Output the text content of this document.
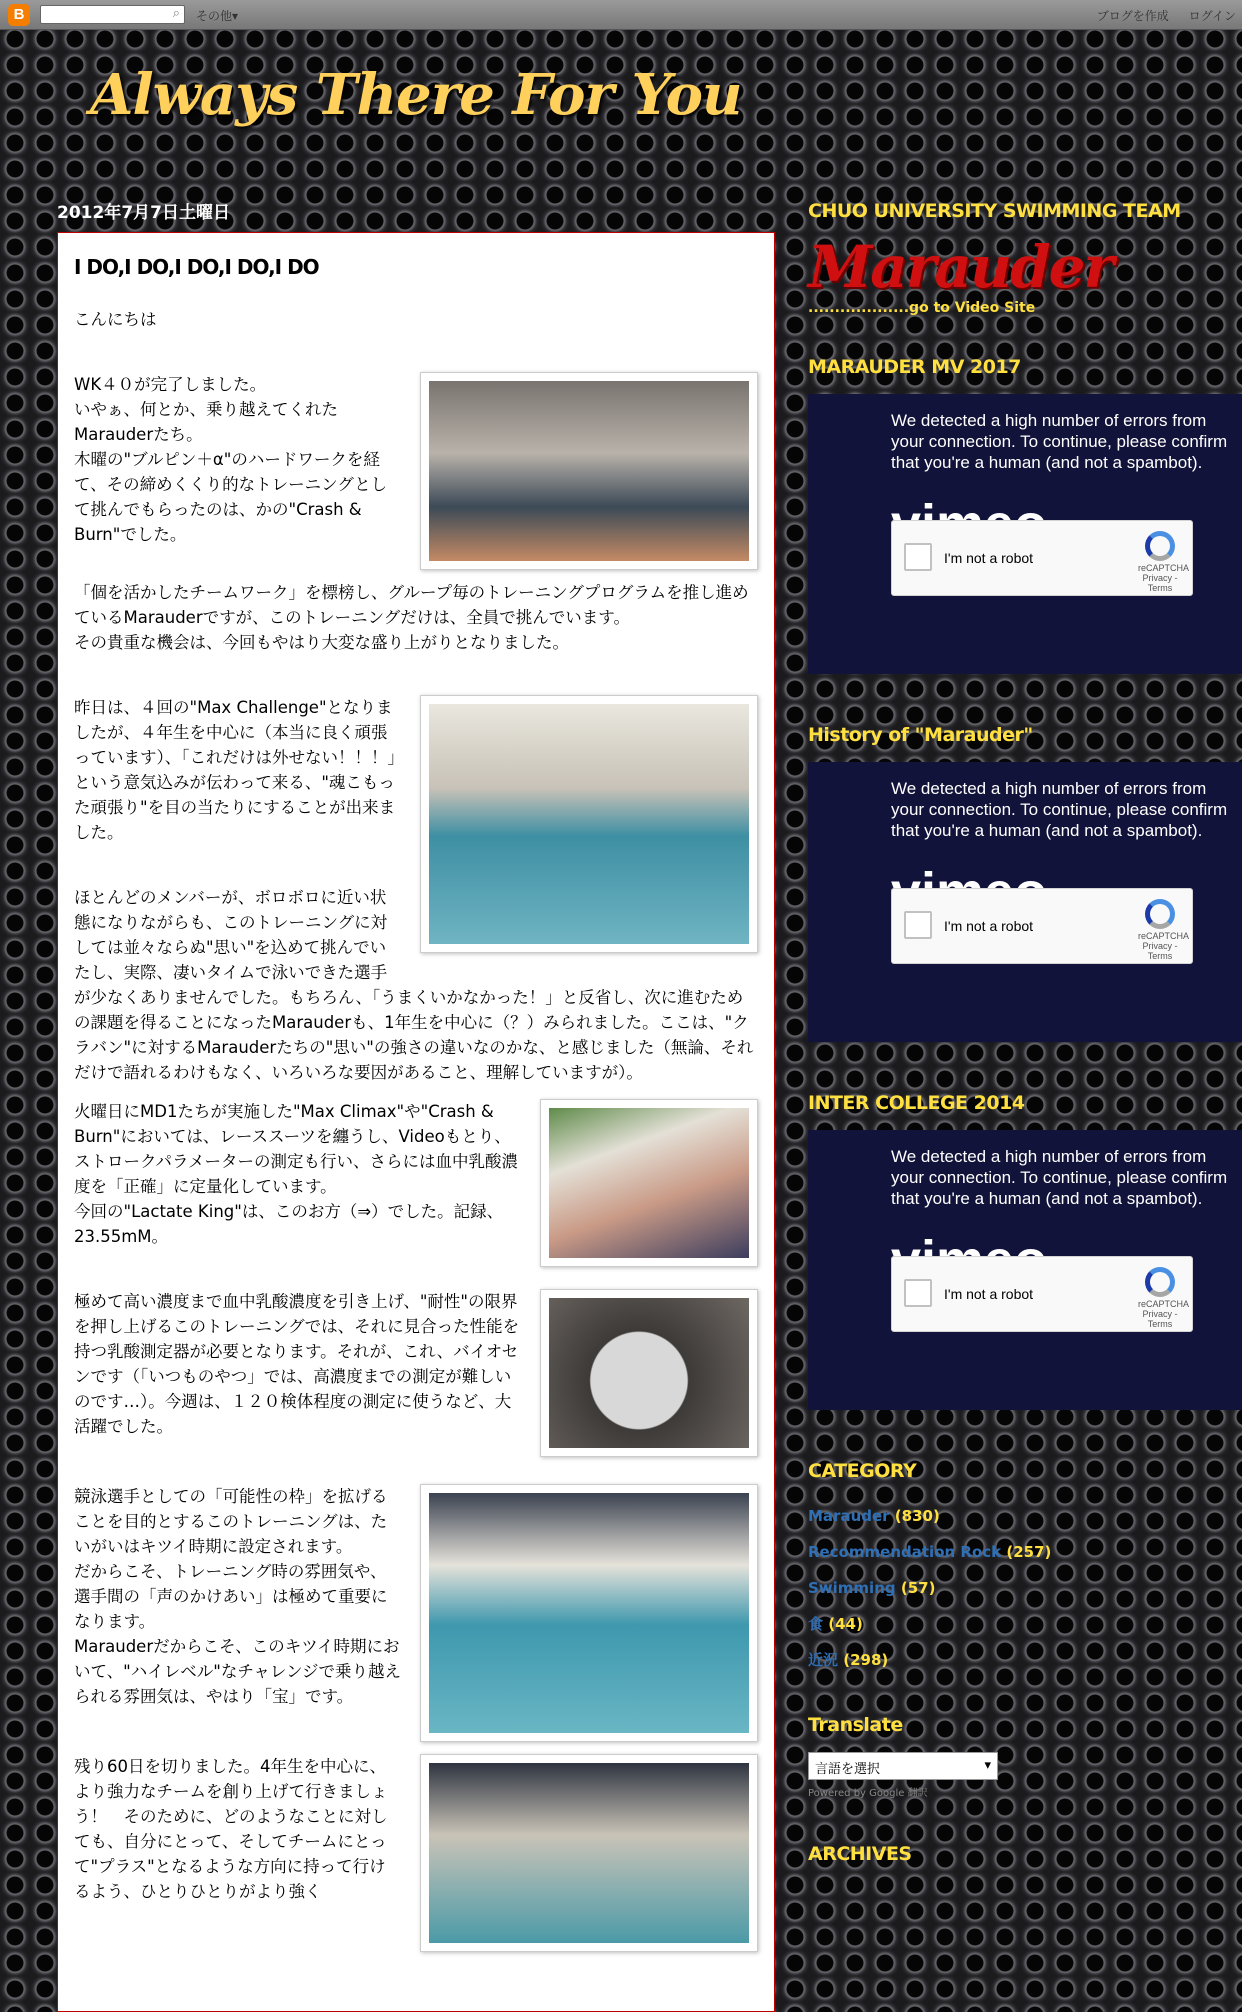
B	⌕ その他▾	ブログを作成 ログイン
Always There For You
2012年7月7日土曜日
I DO,I DO,I DO,I DO,I DO

こんにちは

WK４０が完了しました。
いやぁ、何とか、乗り越えてくれたMarauderたち。
木曜の"ブルピン＋α"のハードワークを経て、その締めくくり的なトレーニングとして挑んでもらったのは、かの"Crash & Burn"でした。

「個を活かしたチームワーク」を標榜し、グループ毎のトレーニングプログラムを推し進めているMarauderですが、このトレーニングだけは、全員で挑んでいます。
その貴重な機会は、今回もやはり大変な盛り上がりとなりました。

昨日は、４回の"Max Challenge"となりましたが、４年生を中心に（本当に良く頑張っています）、「これだけは外せない！！！」という意気込みが伝わって来る、"魂こもった頑張り"を目の当たりにすることが出来ました。

ほとんどのメンバーが、ボロボロに近い状態になりながらも、このトレーニングに対しては並々ならぬ"思い"を込めて挑んでいたし、実際、凄いタイムで泳いできた選手が少なくありませんでした。もちろん、「うまくいかなかった！」と反省し、次に進むための課題を得ることになったMarauderも、1年生を中心に（？）みられました。ここは、"クラバン"に対するMarauderたちの"思い"の強さの違いなのかな、と感じました（無論、それだけで語れるわけもなく、いろいろな要因があること、理解していますが）。

火曜日にMD1たちが実施した"Max Climax"や"Crash & Burn"においては、レーススーツを纏うし、Videoもとり、ストロークパラメーターの測定も行い、さらには血中乳酸濃度を「正確」に定量化しています。
今回の"Lactate King"は、このお方（⇒）でした。記録、23.55mM。

極めて高い濃度まで血中乳酸濃度を引き上げ、"耐性"の限界を押し上げるこのトレーニングでは、それに見合った性能を持つ乳酸測定器が必要となります。それが、これ、バイオセンです（「いつものやつ」では、高濃度までの測定が難しいのです…）。今週は、１２０検体程度の測定に使うなど、大活躍でした。

競泳選手としての「可能性の枠」を拡げることを目的とするこのトレーニングは、たいがいはキツイ時期に設定されます。
だからこそ、トレーニング時の雰囲気や、選手間の「声のかけあい」は極めて重要になります。
Marauderだからこそ、このキツイ時期において、"ハイレベル"なチャレンジで乗り越えられる雰囲気は、やはり「宝」です。

残り60日を切りました。4年生を中心に、より強力なチームを創り上げて行きましょう！　そのために、どのようなことに対しても、自分にとって、そしてチームにとって"プラス"となるような方向に持って行けるよう、ひとりひとりがより強く

CHUO UNIVERSITY SWIMMING TEAM
Marauder
...................go to Video Site
MARAUDER MV 2017
We detected a high number of errors from your connection. To continue, please confirm that you're a human (and not a spambot).
I'm not a robot
reCAPTCHA
Privacy - Terms
History of "Marauder"
We detected a high number of errors from your connection. To continue, please confirm that you're a human (and not a spambot).
I'm not a robot
reCAPTCHA
Privacy - Terms
INTER COLLEGE 2014
We detected a high number of errors from your connection. To continue, please confirm that you're a human (and not a spambot).
I'm not a robot
reCAPTCHA
Privacy - Terms
CATEGORY
Marauder (830)
Recommendation Rock (257)
Swimming (57)
食 (44)
近況 (298)
Translate
言語を選択 ▾
Powered by Google 翻訳
ARCHIVES
